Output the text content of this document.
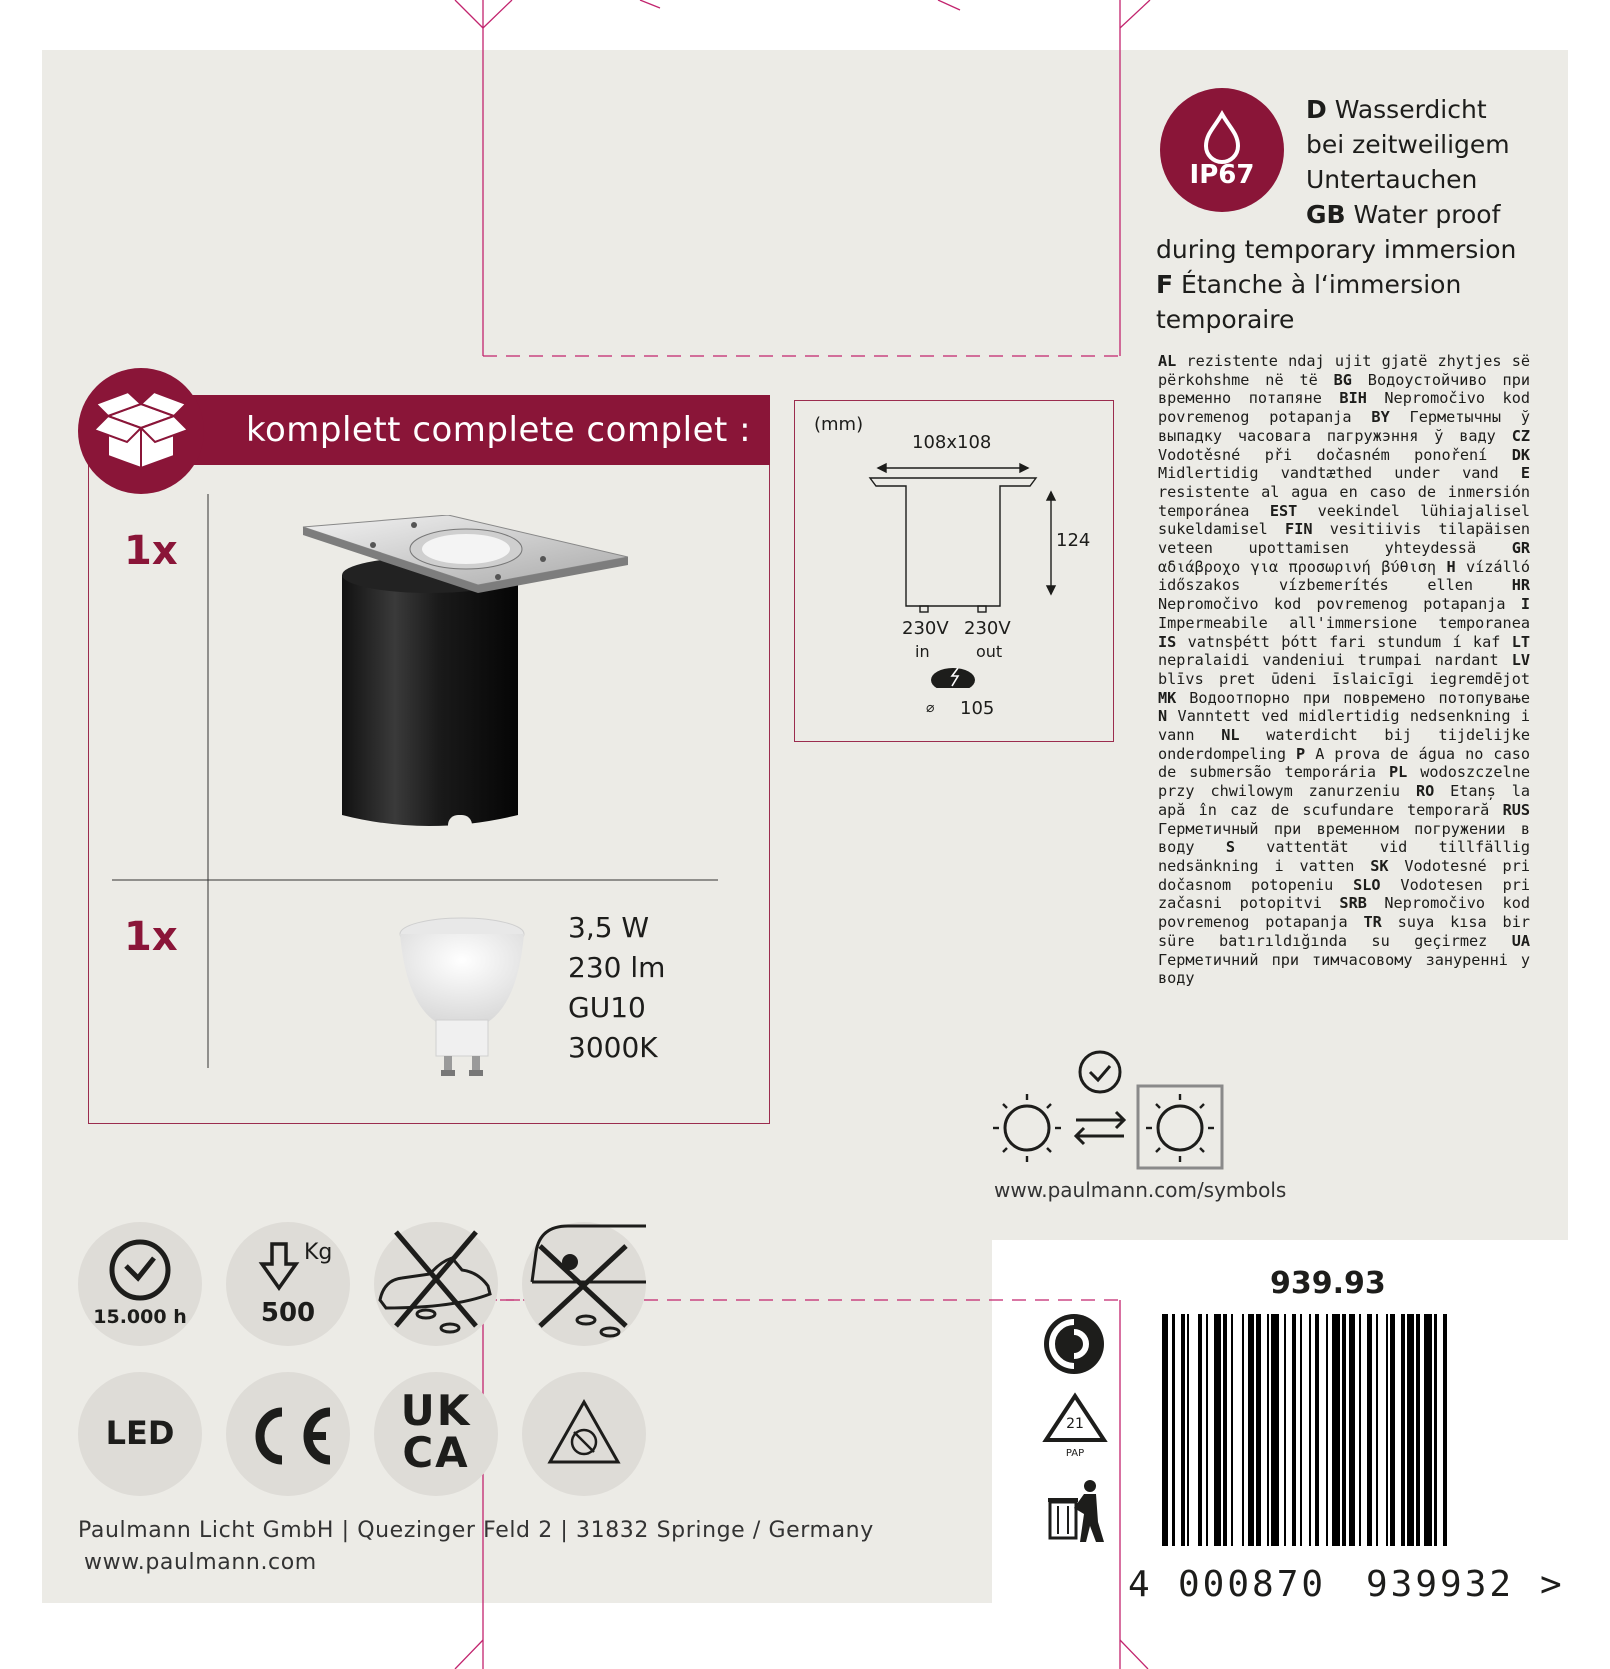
komplett complete complet :
1x
1x	3,5 W
230 lm
GU10
3000K
(mm)
108x108
124
230V 230V
in	out
⌀ 105
IP67
D Wasserdicht
bei zeitweiligem
Untertauchen
GB Water proof
during temporary immersion
F Étanche à l‘immersion
temporaire
AL rezistente ndaj ujit gjatë zhytjes së përkohshme në të BG Водоустойчиво при временно потапяне BIH Nepromočivo kod povremenog potapanja BY Герметычны ў выпадку часовага пагружэння ў ваду CZ Vodotěsné při dočasném ponoření DK Midlertidig vandtæthed under vand E resistente al agua en caso de inmersión temporánea EST veekindel lühiajalisel sukeldamisel FIN vesitiivis tilapäisen veteen upottamisen yhteydessä GR αδιάβροχο για προσωρινή βύθιση H vízálló időszakos vízbemerítés ellen HR Nepromočivo kod povremenog potapanja I Impermeabile all'immersione temporanea IS vatnsþétt þótt fari stundum í kaf LT nepralaidi vandeniui trumpai nardant LV blīvs pret ūdeni īslaicīgi iegremdējot MK Водоотпорно при повремено потопување N Vanntett ved midlertidig nedsenkning i vann NL waterdicht bij tijdelijke onderdompeling P A prova de água no caso de submersão temporária PL wodoszczelne przy chwilowym zanurzeniu RO Etanș la apă în caz de scufundare temporară RUS Герметичный при временном погружении в воду S vattentät vid tillfällig nedsänkning i vatten SK Vodotesné pri dočasnom potopeniu SLO Vodotesen pri začasni potopitvi SRB Nepromočivo kod povremenog potapanja TR suya kısa bir süre batırıldığında su geçirmez UA Герметичний при тимчасовому зануренні у воду
www.paulmann.com/symbols
15.000 h
Kg
500
LED	UK
CA
Paulmann Licht GmbH | Quezinger Feld 2 | 31832 Springe / Germany
www.paulmann.com
21
PAP
939.93
4 000870 939932 >
